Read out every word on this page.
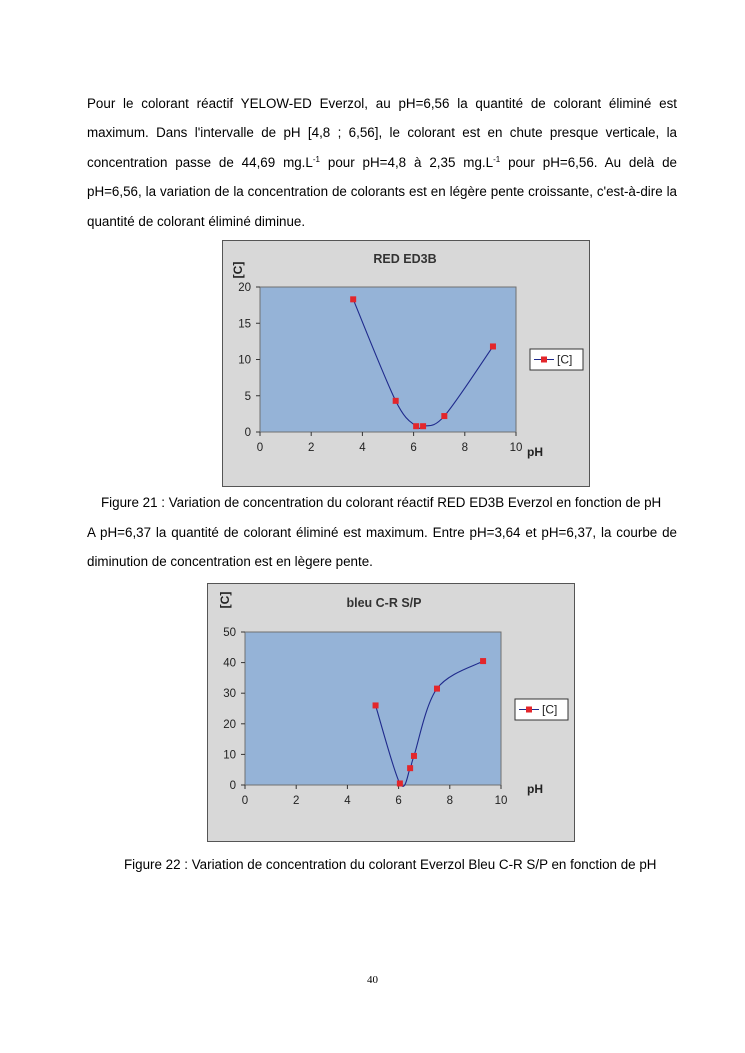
Pour le colorant réactif YELOW-ED Everzol, au pH=6,56 la quantité de colorant éliminé est maximum. Dans l'intervalle de pH [4,8 ; 6,56], le colorant est en chute presque verticale, la concentration passe de 44,69 $mg.L^{-1}$ pour pH=4,8 à 2,35 $mg.L^{-1}$ pour pH=6,56. Au delà de pH=6,56, la variation de la concentration de colorants est en légère pente croissante, c'est-à-dire la quantité de colorant éliminé diminue.

RED ED3B
[C]
pH
0
5
10
15
20
0	2	4	6	8	10
[C]

Figure 21 : Variation de concentration du colorant réactif RED ED3B Everzol en fonction de pH

A pH=6,37 la quantité de colorant éliminé est maximum. Entre pH=3,64 et pH=6,37, la courbe de diminution de concentration est en lègere pente.

bleu C-R S/P
[C]
pH
0
10
20
30
40
50
0	2	4	6	8	10
[C]

Figure 22 : Variation de concentration du colorant Everzol Bleu C-R S/P en fonction de pH

40
